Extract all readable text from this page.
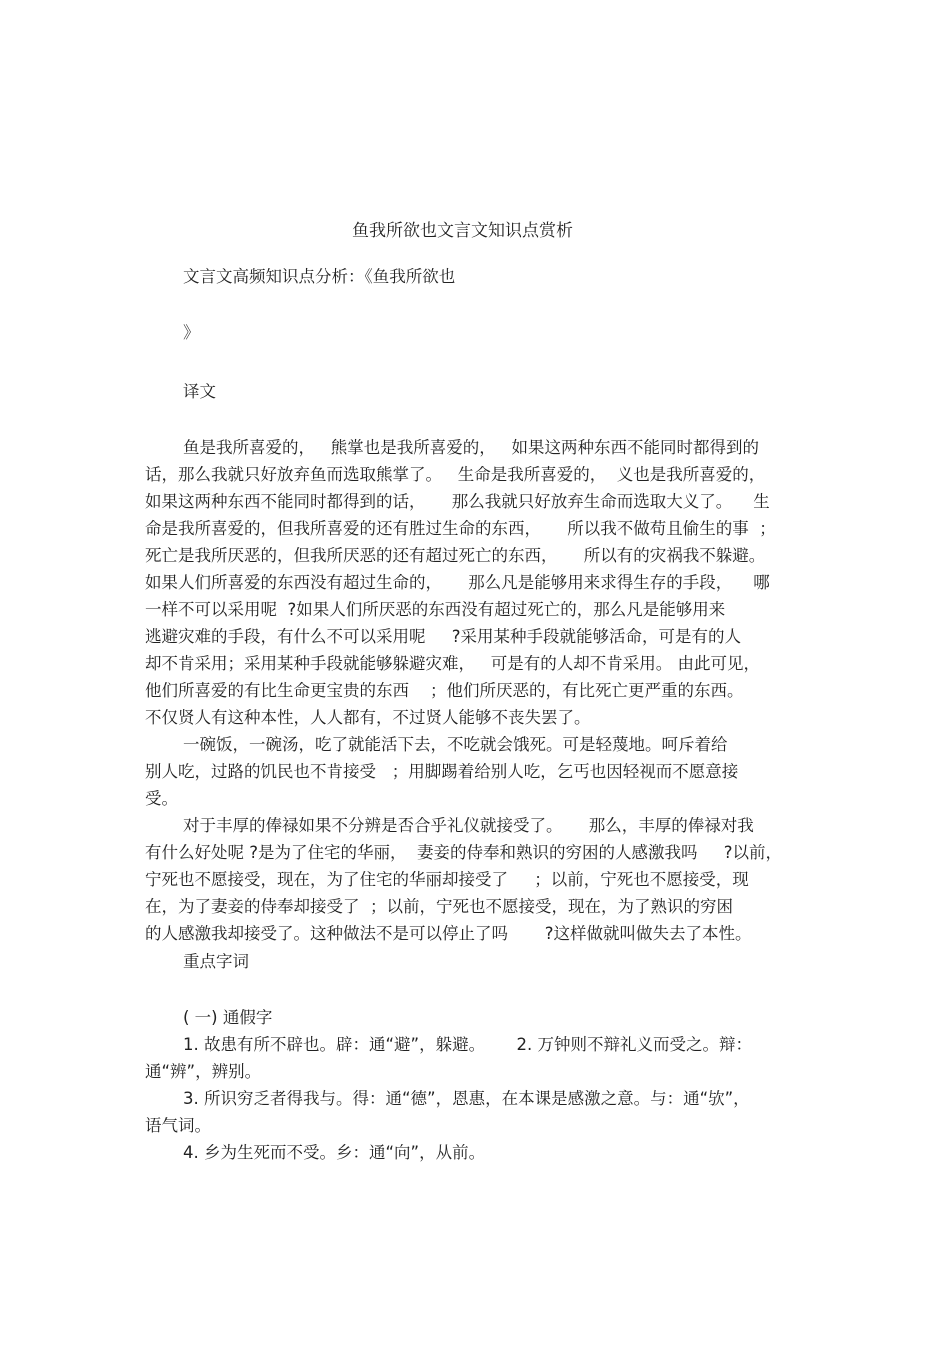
鱼我所欲也文言文知识点赏析
文言文高频知识点分析：《鱼我所欲也
》
译文
鱼是我所喜爱的，   熊掌也是我所喜爱的，   如果这两种东西不能同时都得到的
话，那么我就只好放弃鱼而选取熊掌了。   生命是我所喜爱的，  义也是我所喜爱的，
如果这两种东西不能同时都得到的话，     那么我就只好放弃生命而选取大义了。    生
命是我所喜爱的，但我所喜爱的还有胜过生命的东西，     所以我不做苟且偷生的事  ；
死亡是我所厌恶的，但我所厌恶的还有超过死亡的东西，     所以有的灾祸我不躲避。
如果人们所喜爱的东西没有超过生命的，     那么凡是能够用来求得生存的手段，    哪
一样不可以采用呢  ?如果人们所厌恶的东西没有超过死亡的，那么凡是能够用来
逃避灾难的手段，有什么不可以采用呢     ?采用某种手段就能够活命，可是有的人
却不肯采用；采用某种手段就能够躲避灾难，   可是有的人却不肯采用。 由此可见，
他们所喜爱的有比生命更宝贵的东西    ；他们所厌恶的，有比死亡更严重的东西。
不仅贤人有这种本性，人人都有，不过贤人能够不丧失罢了。
一碗饭，一碗汤，吃了就能活下去，不吃就会饿死。可是轻蔑地。呵斥着给
别人吃，过路的饥民也不肯接受   ；用脚踢着给别人吃，乞丐也因轻视而不愿意接
受。
对于丰厚的俸禄如果不分辨是否合乎礼仪就接受了。     那么，丰厚的俸禄对我
有什么好处呢 ?是为了住宅的华丽，  妻妾的侍奉和熟识的穷困的人感激我吗     ?以前，
宁死也不愿接受，现在，为了住宅的华丽却接受了     ；以前，宁死也不愿接受，现
在，为了妻妾的侍奉却接受了  ；以前，宁死也不愿接受，现在，为了熟识的穷困
的人感激我却接受了。这种做法不是可以停止了吗       ?这样做就叫做失去了本性。
重点字词
( 一) 通假字
1. 故患有所不辟也。辟：通“避”，躲避。      2. 万钟则不辩礼义而受之。辩：
通“辨”，辨别。
3. 所识穷乏者得我与。得：通“德”，恩惠，在本课是感激之意。与：通“欤”，
语气词。
4. 乡为生死而不受。乡：通“向”，从前。
